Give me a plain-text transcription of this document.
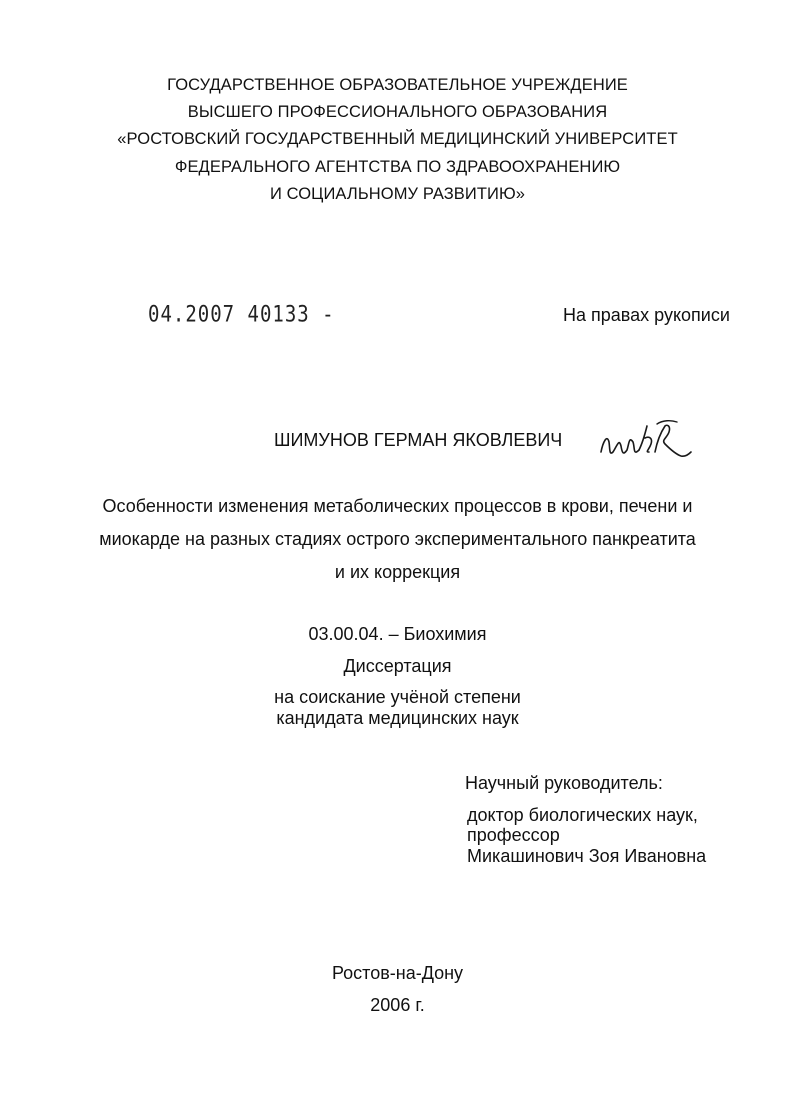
ГОСУДАРСТВЕННОЕ ОБРАЗОВАТЕЛЬНОЕ УЧРЕЖДЕНИЕ
ВЫСШЕГО ПРОФЕССИОНАЛЬНОГО ОБРАЗОВАНИЯ
«РОСТОВСКИЙ ГОСУДАРСТВЕННЫЙ МЕДИЦИНСКИЙ УНИВЕРСИТЕТ
ФЕДЕРАЛЬНОГО АГЕНТСТВА ПО ЗДРАВООХРАНЕНИЮ
И СОЦИАЛЬНОМУ РАЗВИТИЮ»
04.2007 40133 -	На правах рукописи
ШИМУНОВ ГЕРМАН ЯКОВЛЕВИЧ
Особенности изменения метаболических процессов в крови, печени и
миокарде на разных стадиях острого экспериментального панкреатита
и их коррекция
03.00.04. – Биохимия
Диссертация
на соискание учёной степени
кандидата медицинских наук
Научный руководитель:
доктор биологических наук,
профессор
Микашинович Зоя Ивановна
Ростов-на-Дону
2006 г.
